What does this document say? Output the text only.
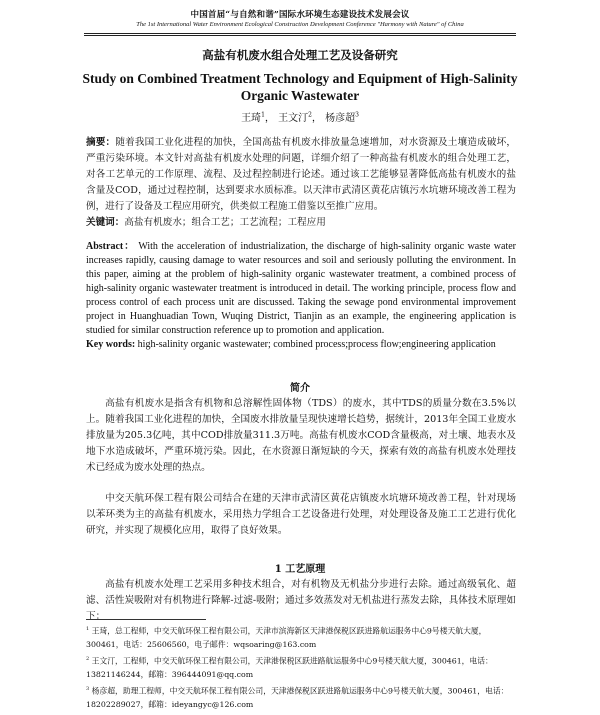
中国首届“与自然和谐”国际水环境生态建设技术发展会议
The 1st International Water Environment Ecological Construction Development Conference "Harmony with Nature" of China
高盐有机废水组合处理工艺及设备研究
Study on Combined Treatment Technology and Equipment of High-Salinity Organic Wastewater
王琦$^1$， 王文汀$^2$， 杨彦超$^3$
摘要：随着我国工业化进程的加快，全国高盐有机废水排放量急速增加，对水资源及土壤造成破坏，严重污染环境。本文针对高盐有机废水处理的问题，详细介绍了一种高盐有机废水的组合处理工艺，对各工艺单元的工作原理、流程、及过程控制进行论述。通过该工艺能够显著降低高盐有机废水的盐含量及COD，通过过程控制，达到要求水质标准。以天津市武清区黄花店镇污水坑塘环境改善工程为例，进行了设备及工程应用研究，供类似工程施工借鉴以至推广应用。
关键词：高盐有机废水；组合工艺；工艺流程；工程应用
Abstract： With the acceleration of industrialization, the discharge of high-salinity organic waste water increases rapidly, causing damage to water resources and soil and seriously polluting the environment. In this paper, aiming at the problem of high-salinity organic wastewater treatment, a combined process of high-salinity organic wastewater treatment is introduced in detail. The working principle, process flow and process control of each process unit are discussed. Taking the sewage pond environmental improvement project in Huanghuadian Town, Wuqing District, Tianjin as an example, the engineering application is studied for similar construction reference up to promotion and application.
Key words: high-salinity organic wastewater; combined process;process flow;engineering application
简介
高盐有机废水是指含有机物和总溶解性固体物（TDS）的废水，其中TDS的质量分数在3.5%以上。随着我国工业化进程的加快，全国废水排放量呈现快速增长趋势，据统计，2013年全国工业废水排放量为205.3亿吨，其中COD排放量311.3万吨。高盐有机废水COD含量极高，对土壤、地表水及地下水造成破坏，严重环境污染。因此，在水资源日渐短缺的今天，探索有效的高盐有机废水处理技术已经成为废水处理的热点。
中交天航环保工程有限公司结合在建的天津市武清区黄花店镇废水坑塘环境改善工程，针对现场以苯环类为主的高盐有机废水，采用热力学组合工艺设备进行处理，对处理设备及施工工艺进行优化研究，并实现了规模化应用，取得了良好效果。
1 工艺原理
高盐有机废水处理工艺采用多种技术组合，对有机物及无机盐分步进行去除。通过高级氧化、超滤、活性炭吸附对有机物进行降解-过滤-吸附；通过多效蒸发对无机盐进行蒸发去除，具体技术原理如下：
$^1$ 王琦，总工程师，中交天航环保工程有限公司，天津市滨海新区天津港保税区跃进路航运服务中心9号楼天航大厦，300461，电话：25606560，电子邮件：wqsoaring@163.com
$^2$ 王文汀，工程师，中交天航环保工程有限公司，天津港保税区跃进路航运服务中心9号楼天航大厦，300461，电话：13821146244，邮箱：396444091@qq.com
$^3$ 杨彦超，助理工程师，中交天航环保工程有限公司，天津港保税区跃进路航运服务中心9号楼天航大厦，300461，电话：18202289027，邮箱：ideyangyc@126.com
